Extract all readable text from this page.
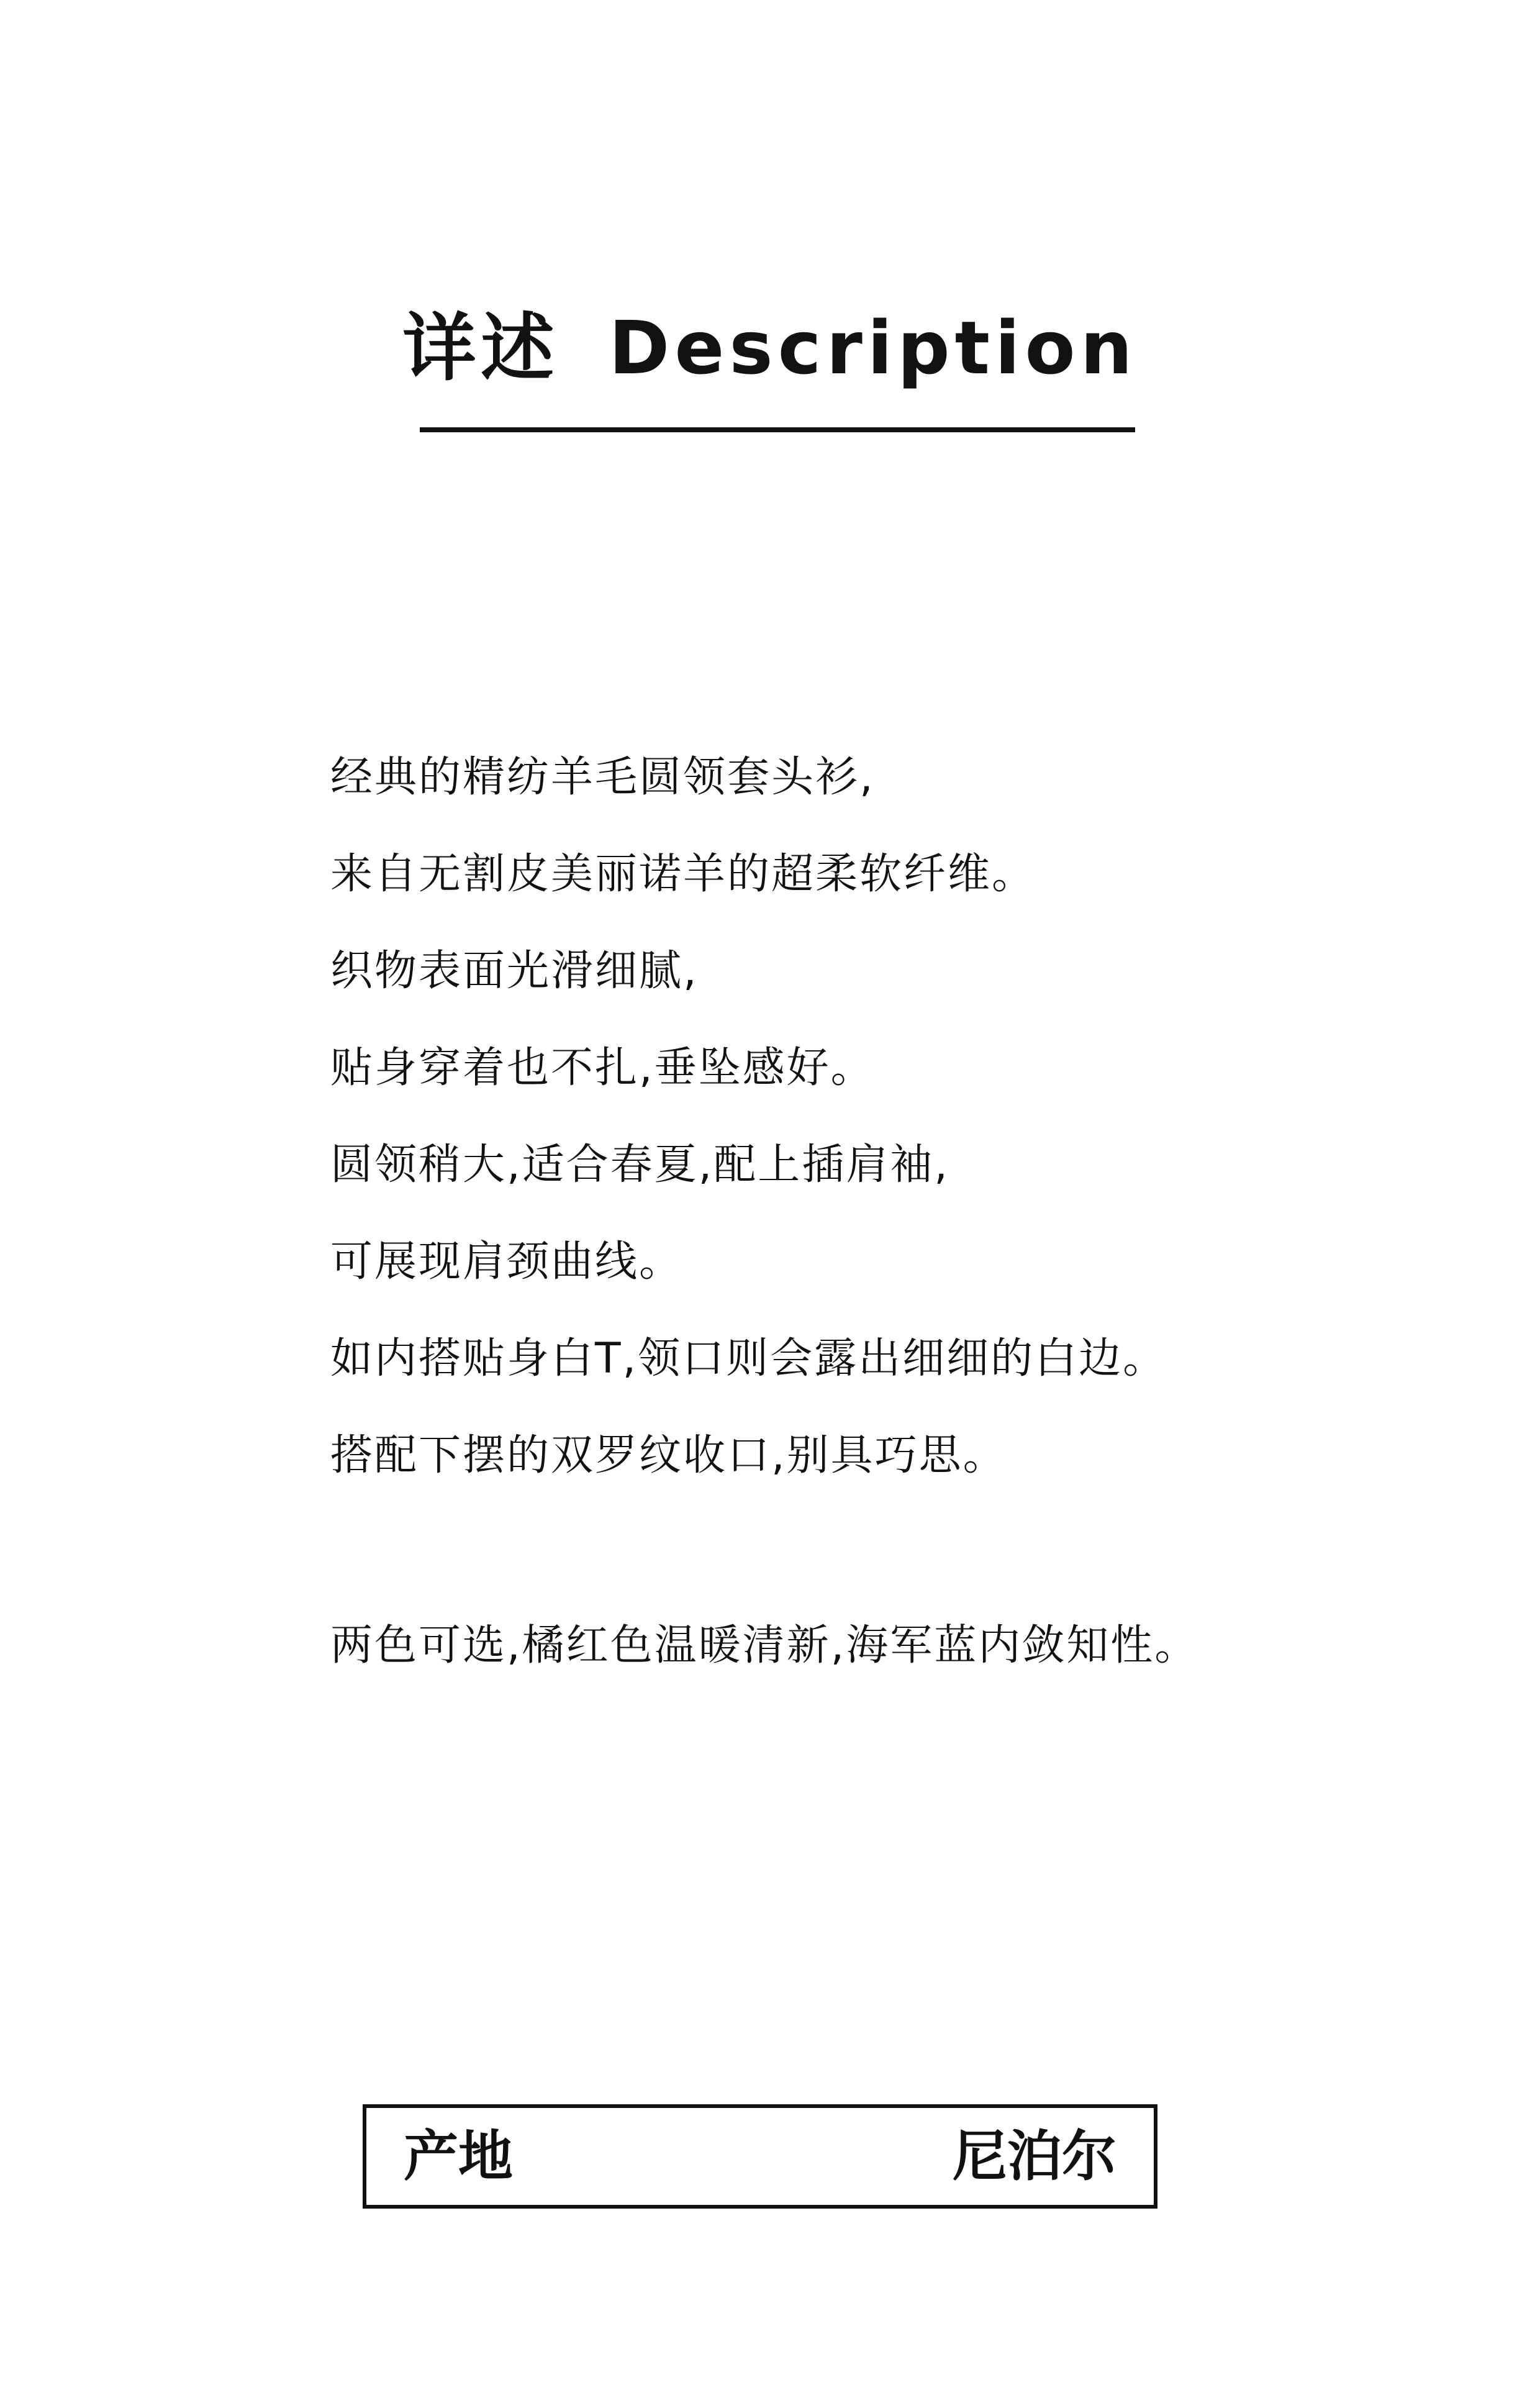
详述 Description
经典的精纺羊毛圆领套头衫,
来自无割皮美丽诺羊的超柔软纤维。
织物表面光滑细腻,
贴身穿着也不扎,垂坠感好。
圆领稍大,适合春夏,配上插肩袖,
可展现肩颈曲线。
如内搭贴身白T,领口则会露出细细的白边。
搭配下摆的双罗纹收口,别具巧思。
两色可选,橘红色温暖清新,海军蓝内敛知性。
产地	尼泊尔
